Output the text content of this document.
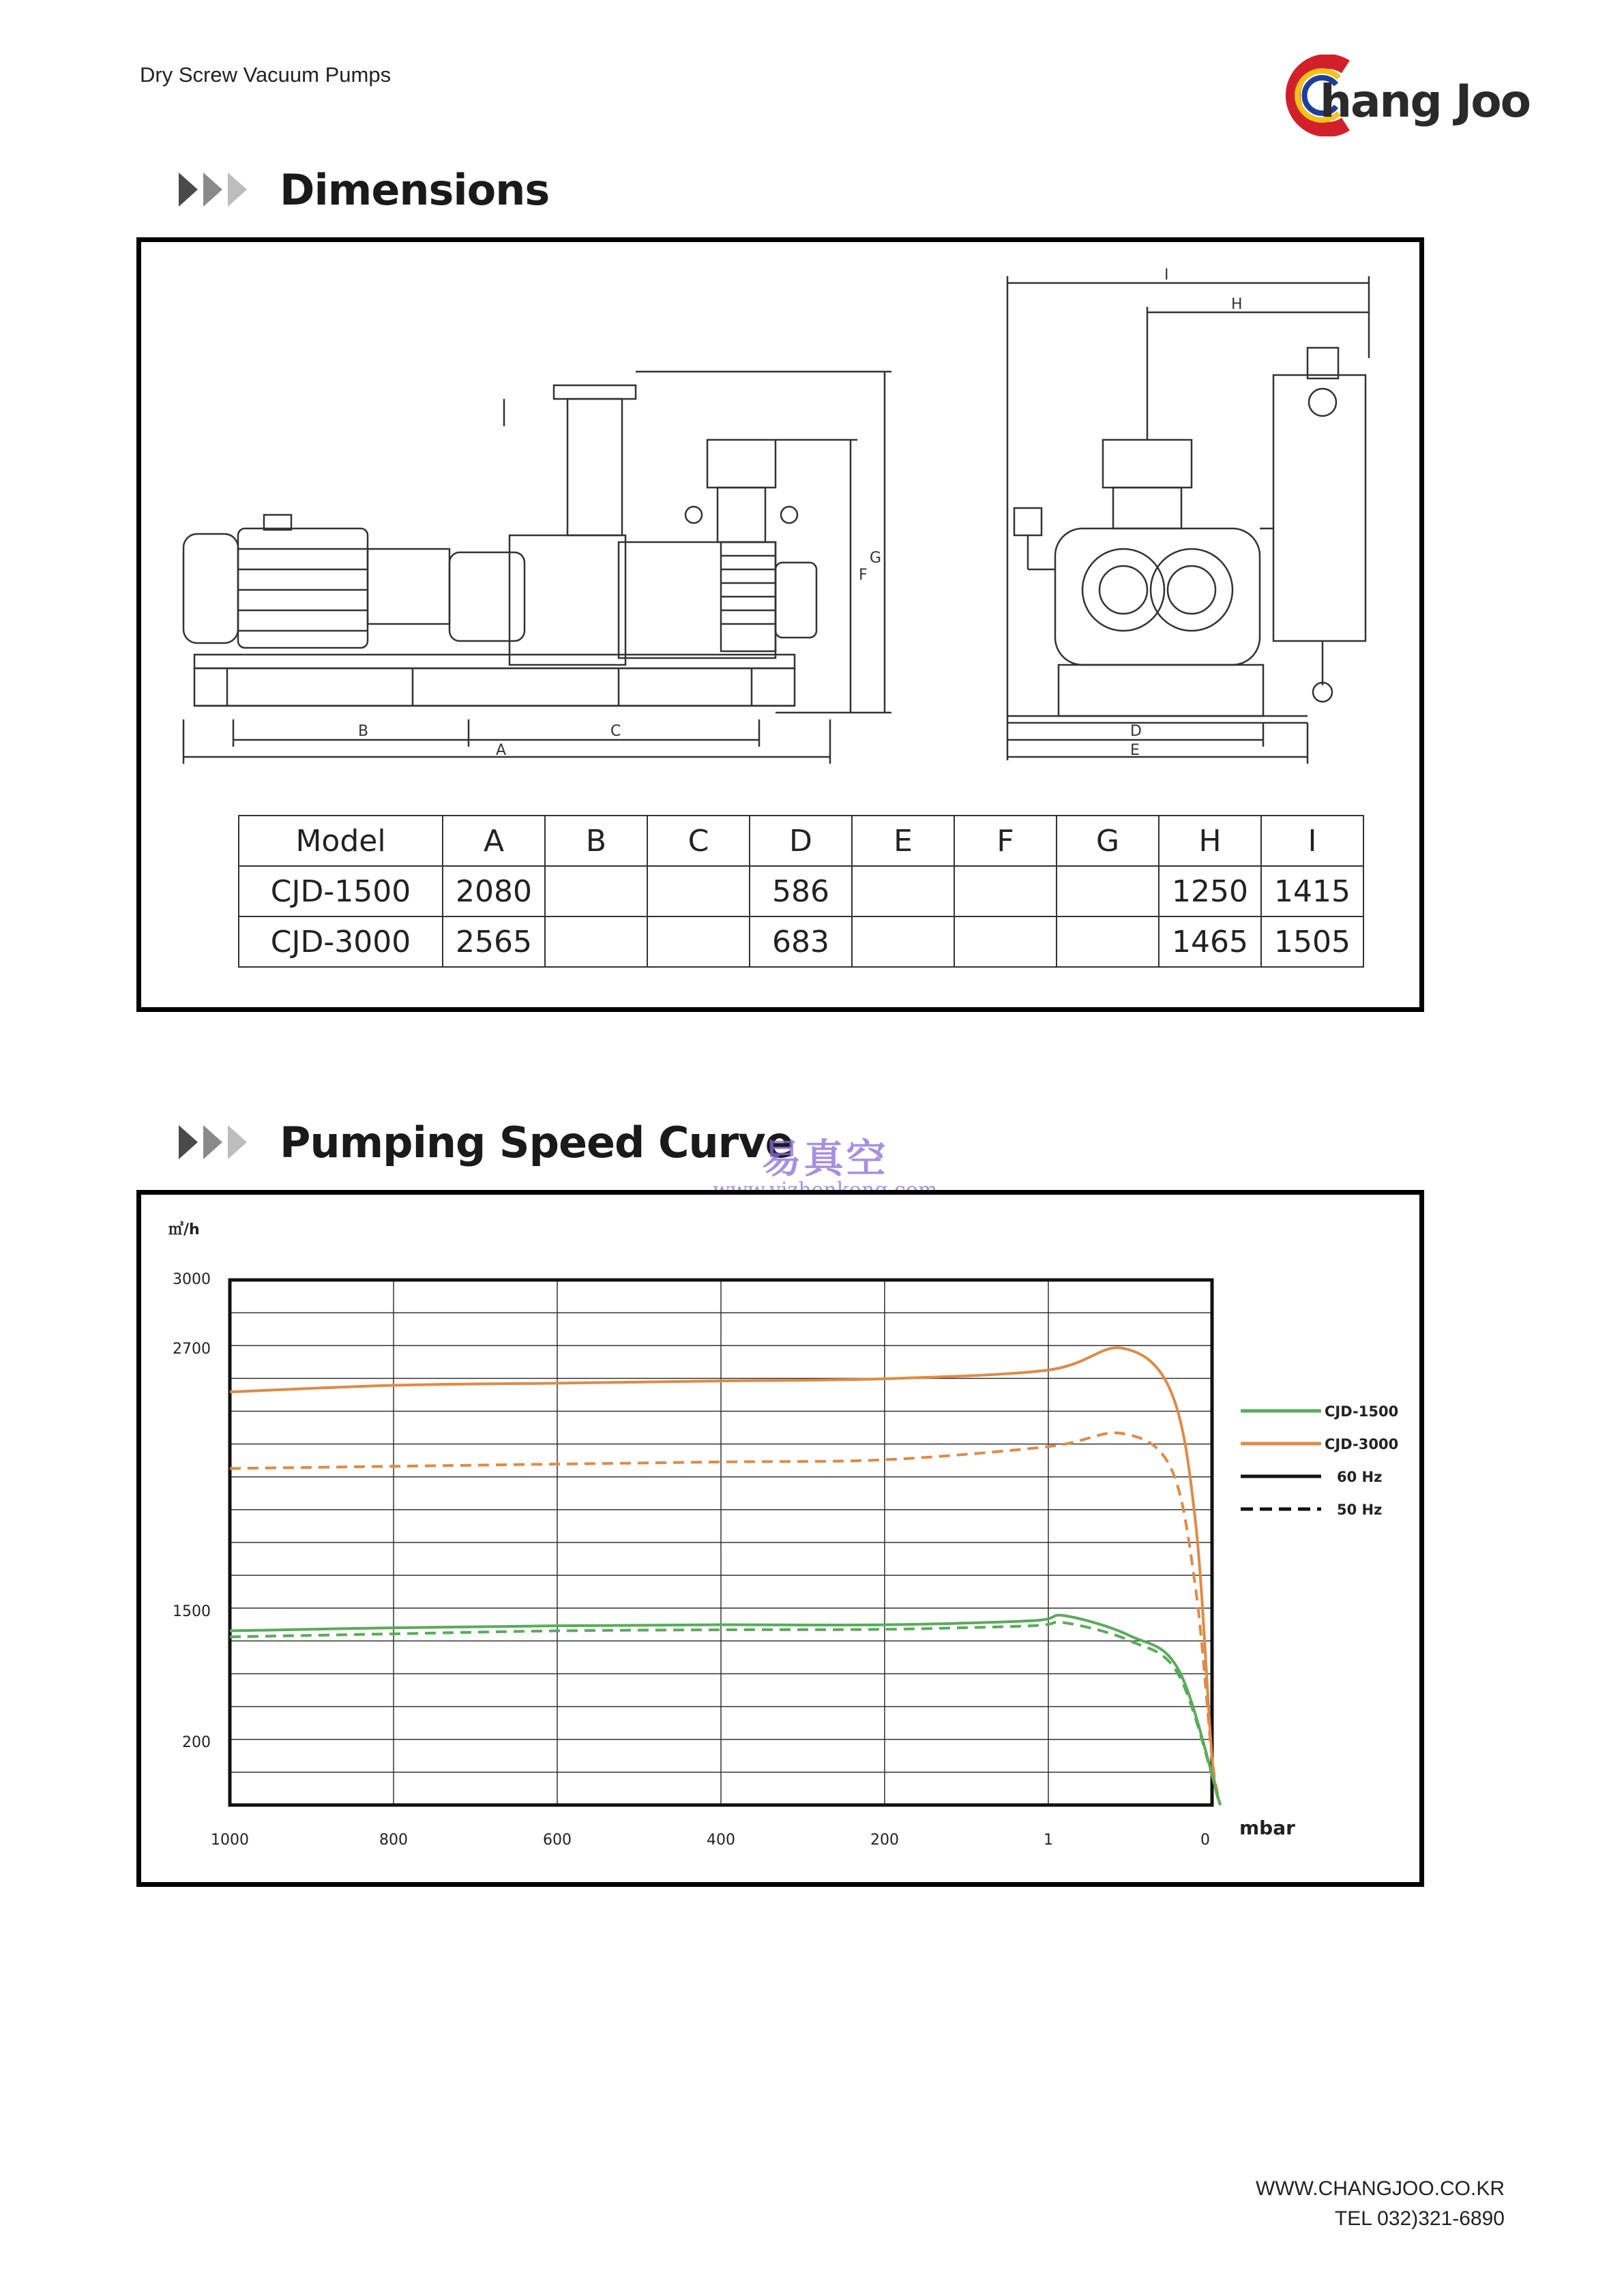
Dry Screw Vacuum Pumps
hang Joo
Dimensions
B	C
A
F
G
D
E
H
I
Model	A	B	C	D	E	F	G	H	I
CJD-1500	2080			586				1250	1415
CJD-3000	2565			683				1465	1505
Pumping Speed Curve
易真空
㎥/h
mbar
3000
2700
1500
200
1000	800	600	400	200	1	0
CJD-1500
CJD-3000
60 Hz
50 Hz
WWW.CHANGJOO.CO.KR
TEL 032)321-6890
